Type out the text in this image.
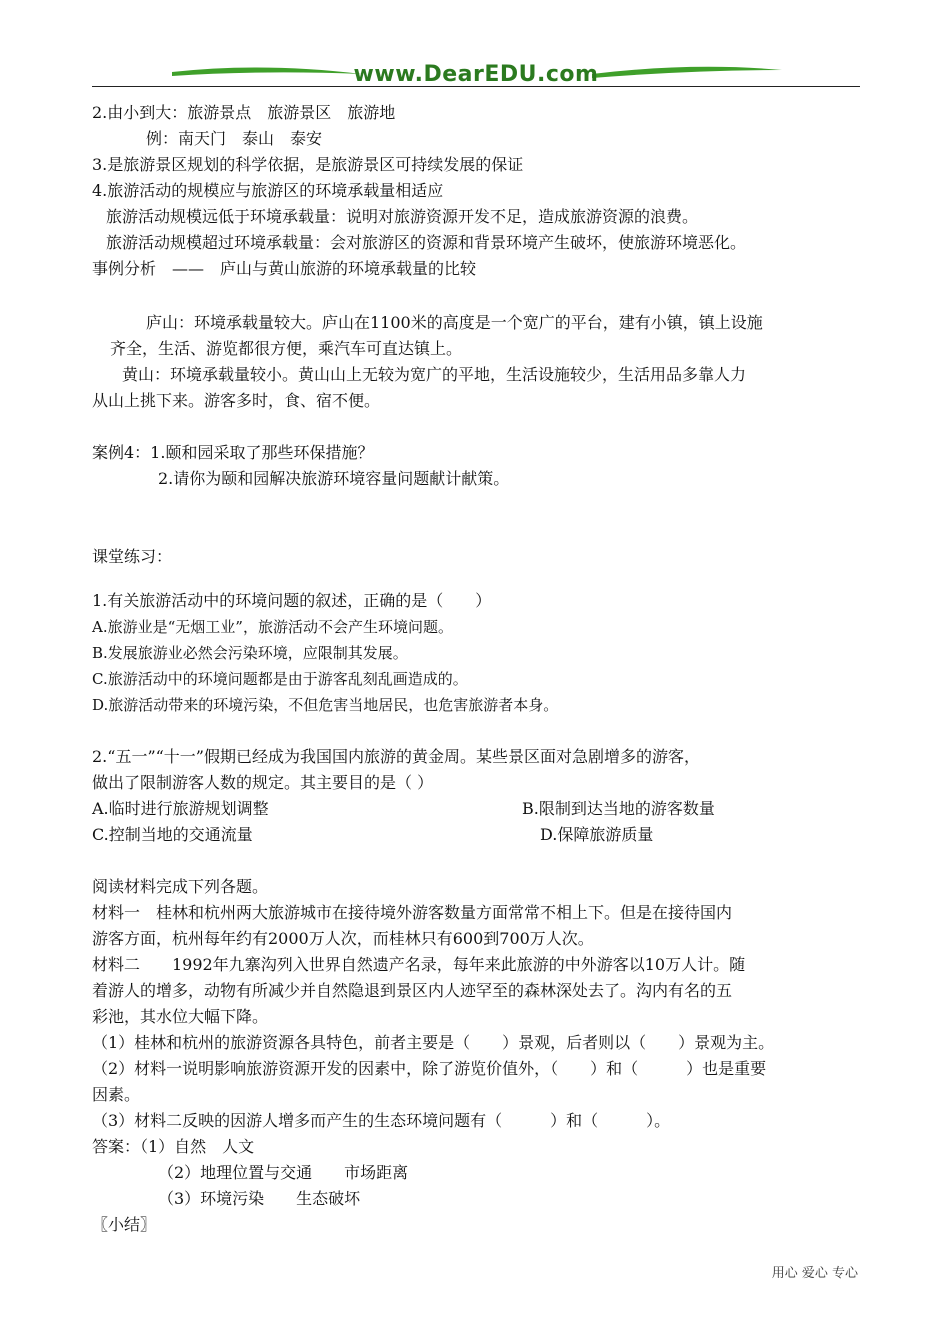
www.DearEDU.com
2.由小到大：旅游景点　旅游景区　旅游地
例：南天门　泰山　泰安
3.是旅游景区规划的科学依据，是旅游景区可持续发展的保证
4.旅游活动的规模应与旅游区的环境承载量相适应
旅游活动规模远低于环境承载量：说明对旅游资源开发不足，造成旅游资源的浪费。
旅游活动规模超过环境承载量：会对旅游区的资源和背景环境产生破坏，使旅游环境恶化。
事例分析　——　庐山与黄山旅游的环境承载量的比较
庐山：环境承载量较大。庐山在1100米的高度是一个宽广的平台，建有小镇，镇上设施
齐全，生活、游览都很方便，乘汽车可直达镇上。
黄山：环境承载量较小。黄山山上无较为宽广的平地，生活设施较少，生活用品多靠人力
从山上挑下来。游客多时，食、宿不便。
案例4：1.颐和园采取了那些环保措施？
2.请你为颐和园解决旅游环境容量问题献计献策。
课堂练习：
1.有关旅游活动中的环境问题的叙述，正确的是（　　）
A.旅游业是“无烟工业”，旅游活动不会产生环境问题。
B.发展旅游业必然会污染环境，应限制其发展。
C.旅游活动中的环境问题都是由于游客乱刻乱画造成的。
D.旅游活动带来的环境污染，不但危害当地居民，也危害旅游者本身。
2.“五一”“十一”假期已经成为我国国内旅游的黄金周。某些景区面对急剧增多的游客，
做出了限制游客人数的规定。其主要目的是（ ）
A.临时进行旅游规划调整	B.限制到达当地的游客数量
C.控制当地的交通流量	D.保障旅游质量
阅读材料完成下列各题。
材料一　桂林和杭州两大旅游城市在接待境外游客数量方面常常不相上下。但是在接待国内
游客方面，杭州每年约有2000万人次，而桂林只有600到700万人次。
材料二　　1992年九寨沟列入世界自然遗产名录，每年来此旅游的中外游客以10万人计。随
着游人的增多，动物有所减少并自然隐退到景区内人迹罕至的森林深处去了。沟内有名的五
彩池，其水位大幅下降。
（1）桂林和杭州的旅游资源各具特色，前者主要是（　　）景观，后者则以（　　）景观为主。
（2）材料一说明影响旅游资源开发的因素中，除了游览价值外，（　　）和（　　　）也是重要
因素。
（3）材料二反映的因游人增多而产生的生态环境问题有（　　　）和（　　　）。
答案：（1）自然　人文
（2）地理位置与交通　　市场距离
（3）环境污染　　生态破坏
〖小结〗
用心 爱心 专心
